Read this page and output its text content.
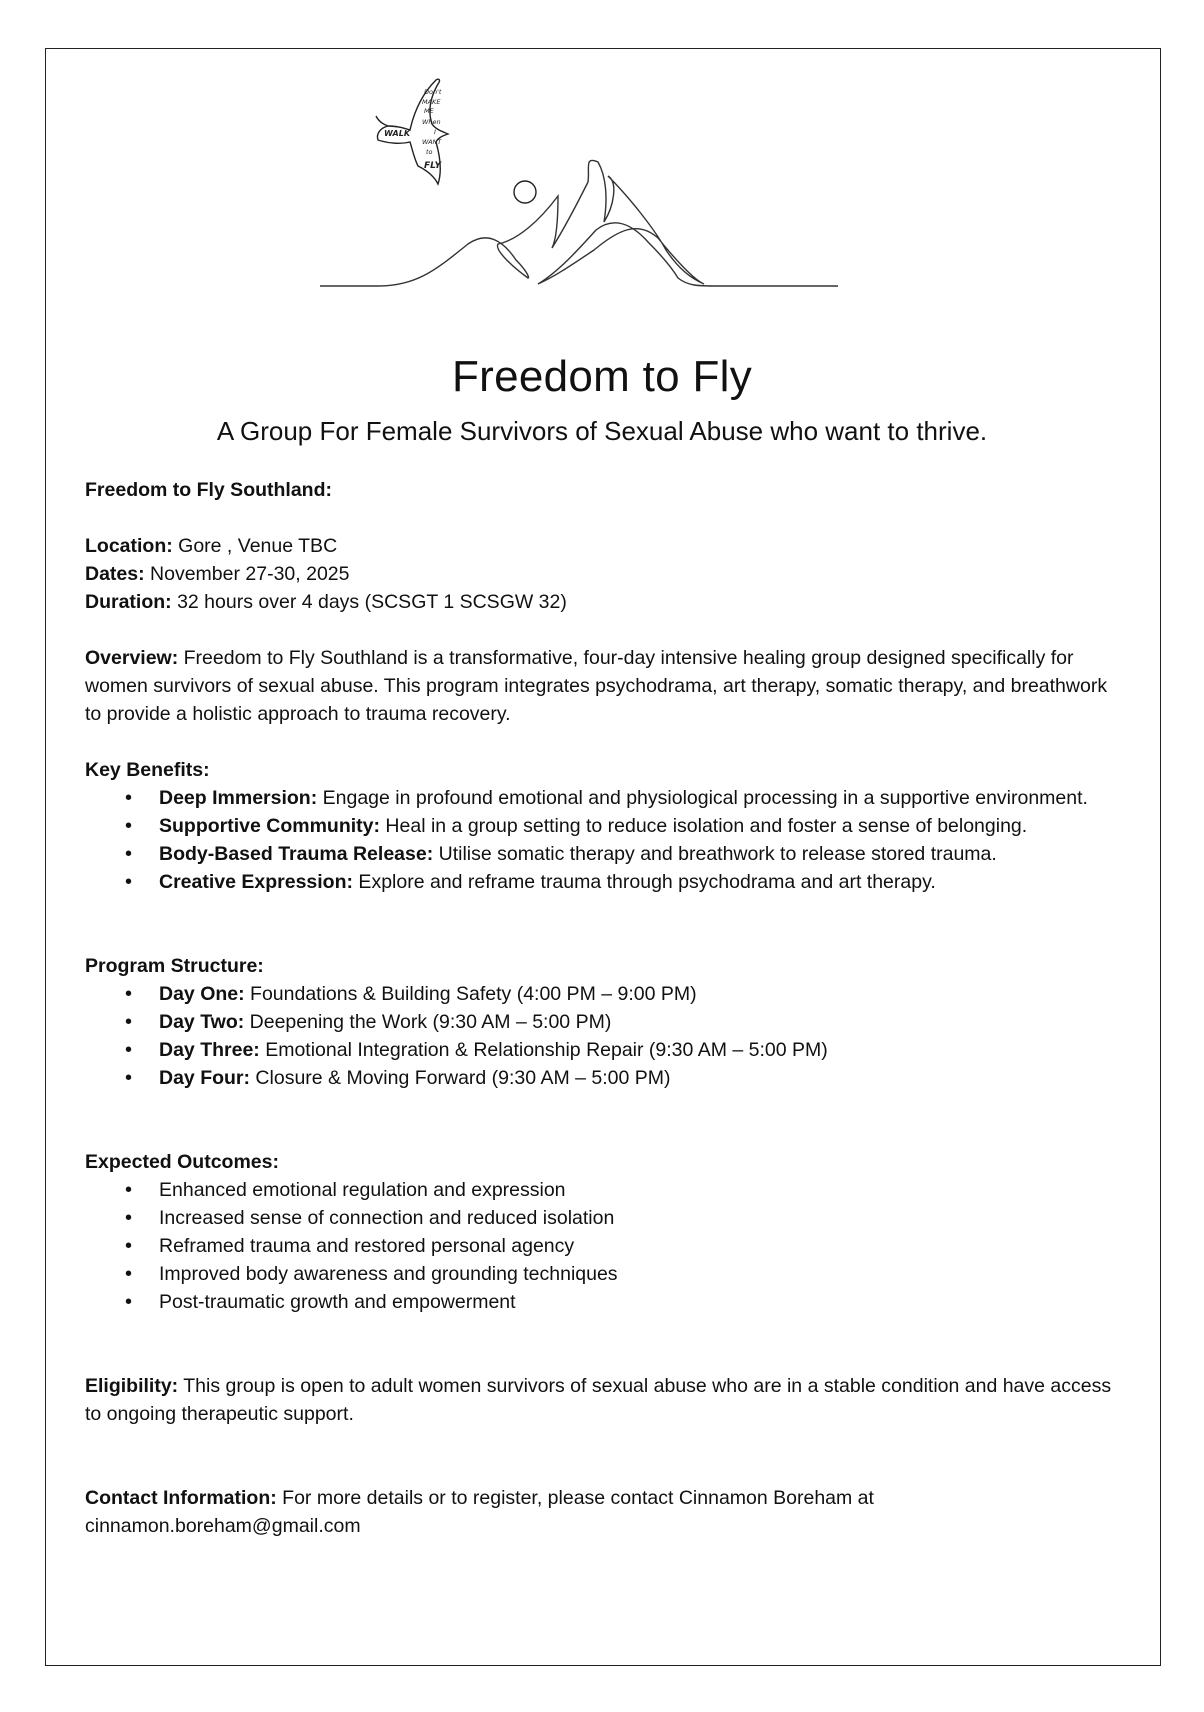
Don't
MAKE
ME
WALK
When
I
WANT
to
FLY
Freedom to Fly
A Group For Female Survivors of Sexual Abuse who want to thrive.

Freedom to Fly Southland:

Location: Gore , Venue TBC

Dates: November 27-30, 2025

Duration: 32 hours over 4 days (SCSGT 1 SCSGW 32)

Overview: Freedom to Fly Southland is a transformative, four-day intensive healing group designed specifically for women survivors of sexual abuse. This program integrates psychodrama, art therapy, somatic therapy, and breathwork to provide a holistic approach to trauma recovery.

Key Benefits:

• Deep Immersion: Engage in profound emotional and physiological processing in a supportive environment.
• Supportive Community: Heal in a group setting to reduce isolation and foster a sense of belonging.
• Body-Based Trauma Release: Utilise somatic therapy and breathwork to release stored trauma.
• Creative Expression: Explore and reframe trauma through psychodrama and art therapy.

Program Structure:

• Day One: Foundations & Building Safety (4:00 PM – 9:00 PM)
• Day Two: Deepening the Work (9:30 AM – 5:00 PM)
• Day Three: Emotional Integration & Relationship Repair (9:30 AM – 5:00 PM)
• Day Four: Closure & Moving Forward (9:30 AM – 5:00 PM)

Expected Outcomes:

• Enhanced emotional regulation and expression
• Increased sense of connection and reduced isolation
• Reframed trauma and restored personal agency
• Improved body awareness and grounding techniques
• Post-traumatic growth and empowerment

Eligibility: This group is open to adult women survivors of sexual abuse who are in a stable condition and have access to ongoing therapeutic support.

Contact Information: For more details or to register, please contact Cinnamon Boreham at
cinnamon.boreham@gmail.com
